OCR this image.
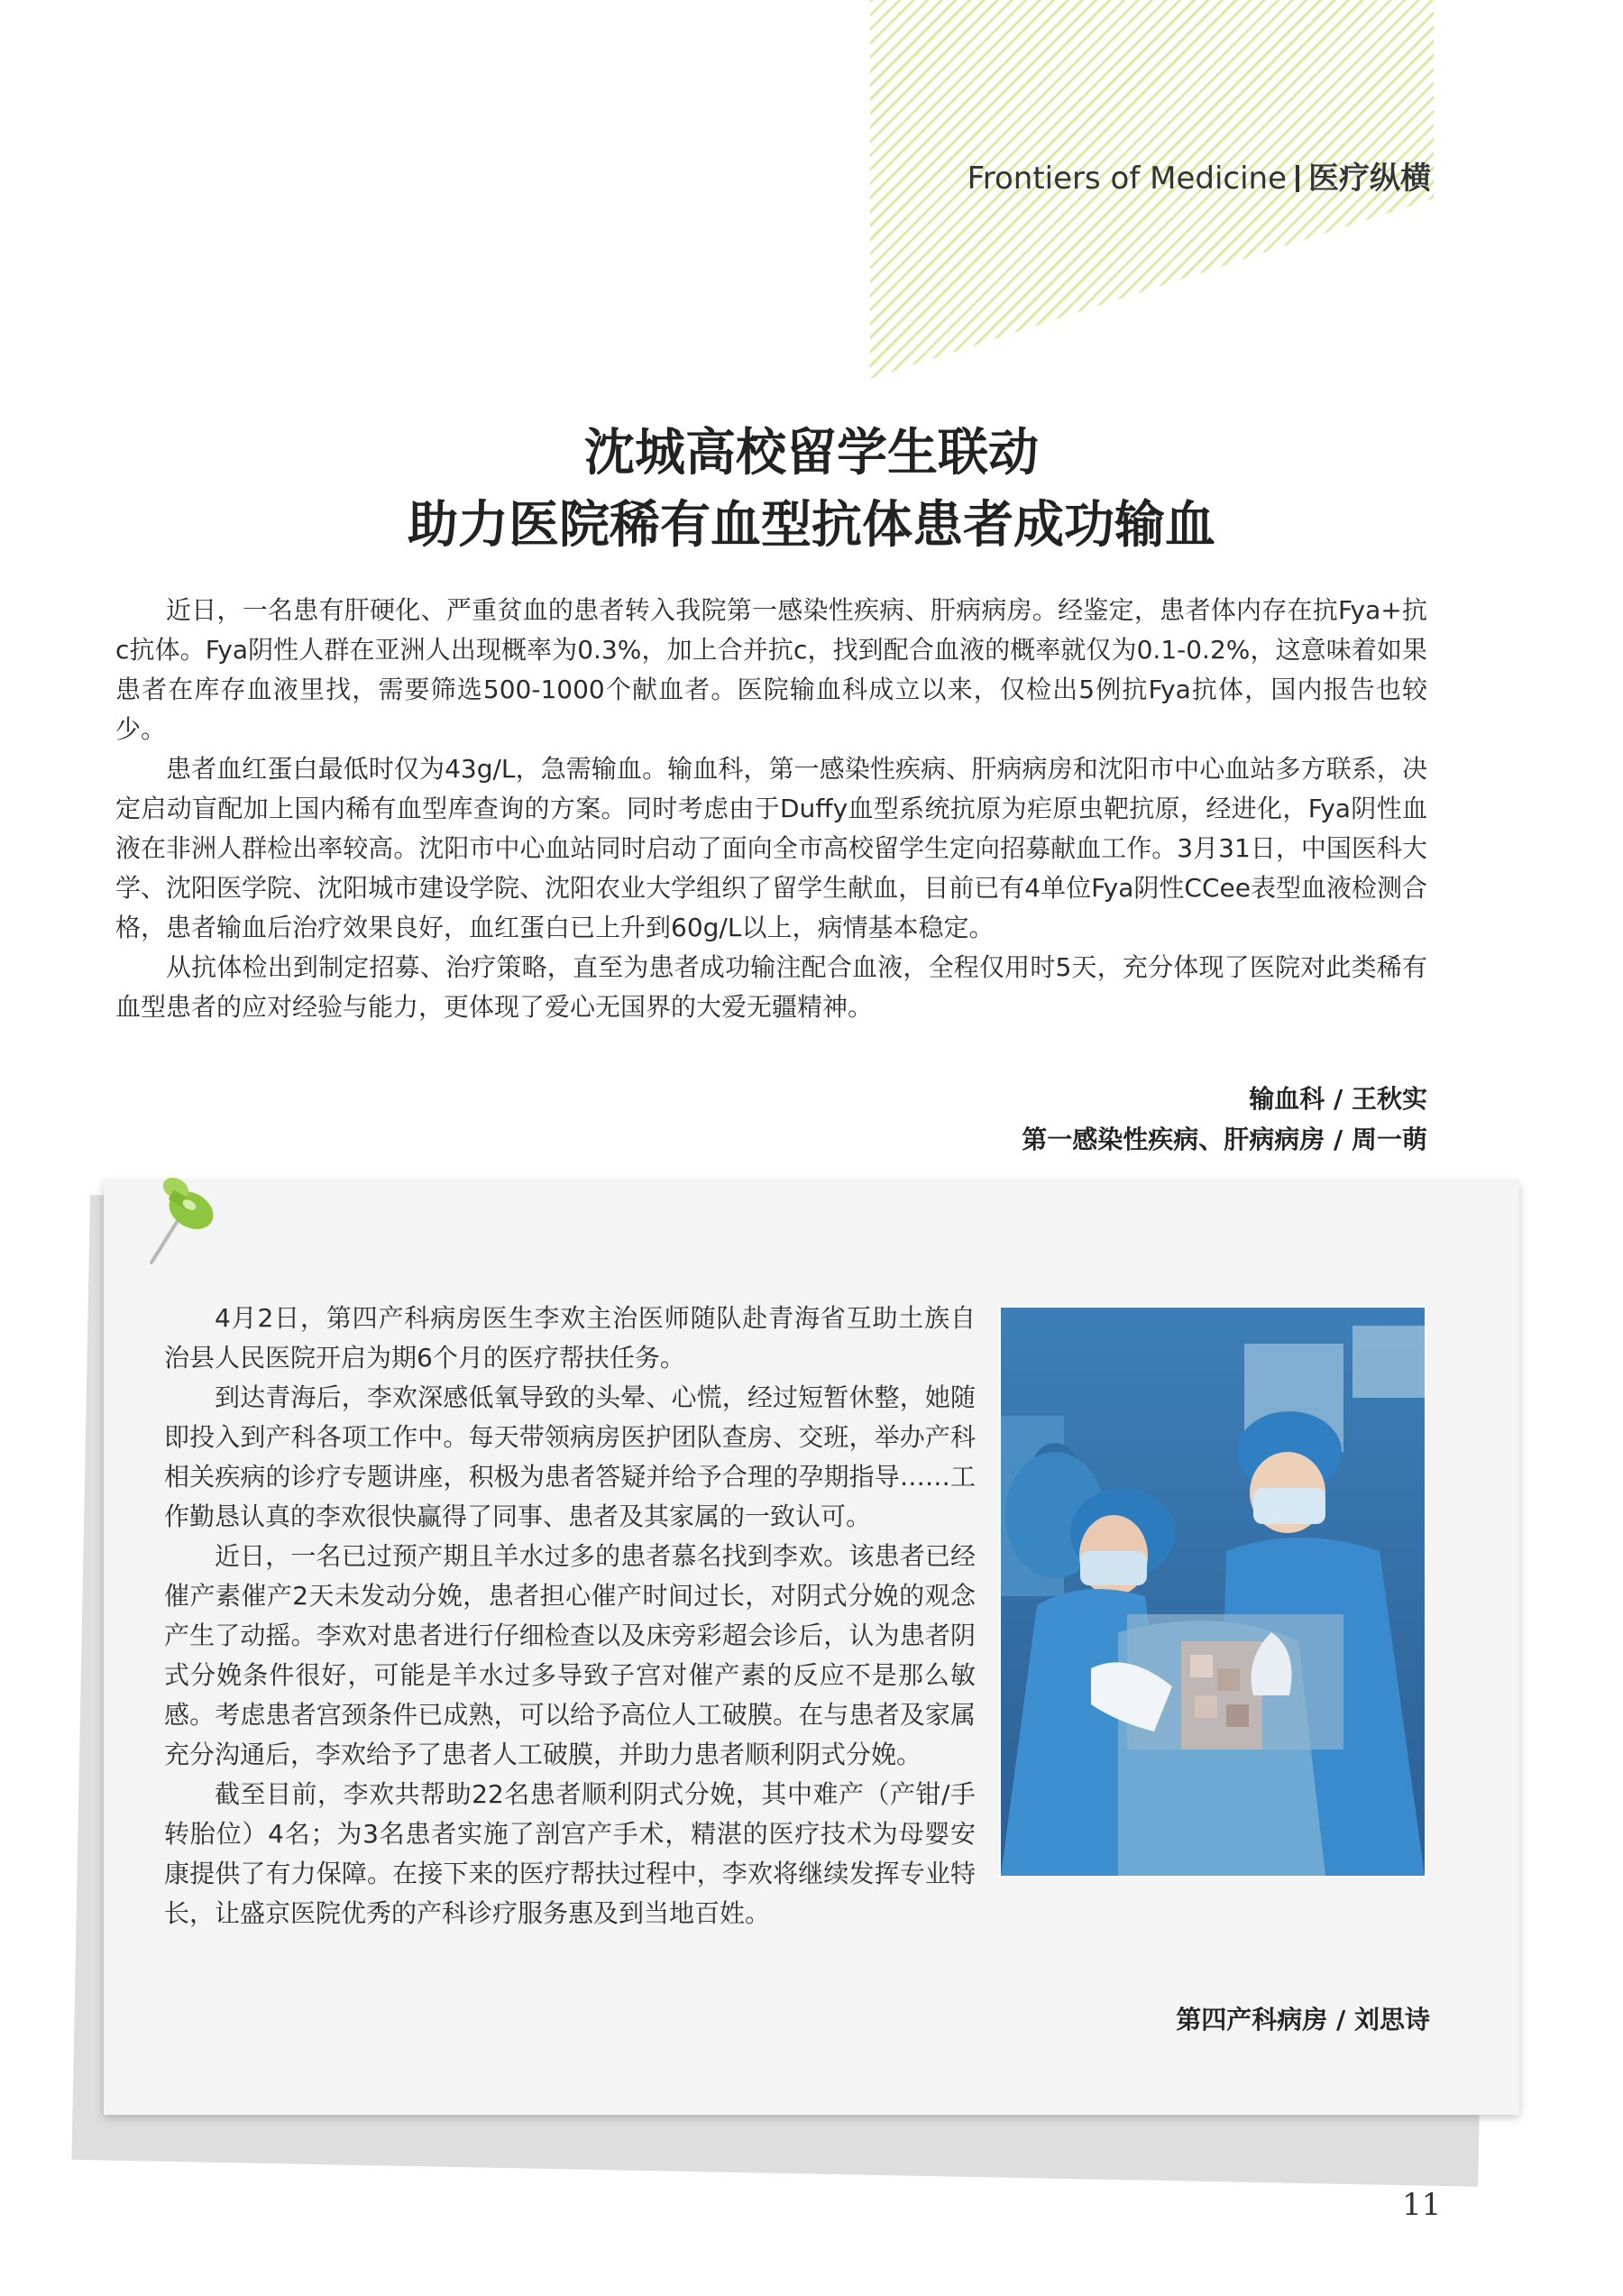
Frontiers of Medicine 医疗纵横
沈城高校留学生联动
助力医院稀有血型抗体患者成功输血

近日，一名患有肝硬化、严重贫血的患者转入我院第一感染性疾病、肝病病房。经鉴定，患者体内存在抗Fya+抗c抗体。Fya阴性人群在亚洲人出现概率为0.3%，加上合并抗c，找到配合血液的概率就仅为0.1-0.2%，这意味着如果患者在库存血液里找，需要筛选500-1000个献血者。医院输血科成立以来，仅检出5例抗Fya抗体，国内报告也较少。

患者血红蛋白最低时仅为43g/L，急需输血。输血科，第一感染性疾病、肝病病房和沈阳市中心血站多方联系，决定启动盲配加上国内稀有血型库查询的方案。同时考虑由于Duffy血型系统抗原为疟原虫靶抗原，经进化，Fya阴性血液在非洲人群检出率较高。沈阳市中心血站同时启动了面向全市高校留学生定向招募献血工作。3月31日，中国医科大学、沈阳医学院、沈阳城市建设学院、沈阳农业大学组织了留学生献血，目前已有4单位Fya阴性CCee表型血液检测合格，患者输血后治疗效果良好，血红蛋白已上升到60g/L以上，病情基本稳定。

从抗体检出到制定招募、治疗策略，直至为患者成功输注配合血液，全程仅用时5天，充分体现了医院对此类稀有血型患者的应对经验与能力，更体现了爱心无国界的大爱无疆精神。

输血科 / 王秋实
第一感染性疾病、肝病病房 / 周一萌

4月2日，第四产科病房医生李欢主治医师随队赴青海省互助土族自治县人民医院开启为期6个月的医疗帮扶任务。

到达青海后，李欢深感低氧导致的头晕、心慌，经过短暂休整，她随即投入到产科各项工作中。每天带领病房医护团队查房、交班，举办产科相关疾病的诊疗专题讲座，积极为患者答疑并给予合理的孕期指导……工作勤恳认真的李欢很快赢得了同事、患者及其家属的一致认可。

近日，一名已过预产期且羊水过多的患者慕名找到李欢。该患者已经催产素催产2天未发动分娩，患者担心催产时间过长，对阴式分娩的观念产生了动摇。李欢对患者进行仔细检查以及床旁彩超会诊后，认为患者阴式分娩条件很好，可能是羊水过多导致子宫对催产素的反应不是那么敏感。考虑患者宫颈条件已成熟，可以给予高位人工破膜。在与患者及家属充分沟通后，李欢给予了患者人工破膜，并助力患者顺利阴式分娩。

截至目前，李欢共帮助22名患者顺利阴式分娩，其中难产（产钳/手转胎位）4名；为3名患者实施了剖宫产手术，精湛的医疗技术为母婴安康提供了有力保障。在接下来的医疗帮扶过程中，李欢将继续发挥专业特长，让盛京医院优秀的产科诊疗服务惠及到当地百姓。

第四产科病房 / 刘思诗
11
